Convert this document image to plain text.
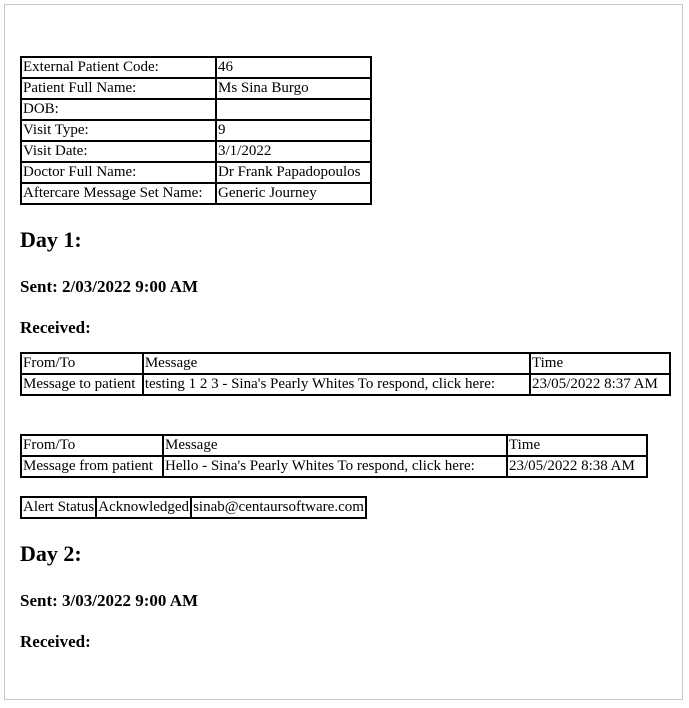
External Patient Code:	46
Patient Full Name:	Ms Sina Burgo
DOB:	
Visit Type:	9
Visit Date:	3/1/2022
Doctor Full Name:	Dr Frank Papadopoulos
Aftercare Message Set Name:	Generic Journey
Day 1:
Sent: 2/03/2022 9:00 AM
Received:
From/To	Message	Time
Message to patient	testing 1 2 3 - Sina's Pearly Whites To respond, click here:	23/05/2022 8:37 AM
From/To	Message	Time
Message from patient	Hello - Sina's Pearly Whites To respond, click here:	23/05/2022 8:38 AM
Alert Status	Acknowledged	sinab@centaursoftware.com
Day 2:
Sent: 3/03/2022 9:00 AM
Received:
